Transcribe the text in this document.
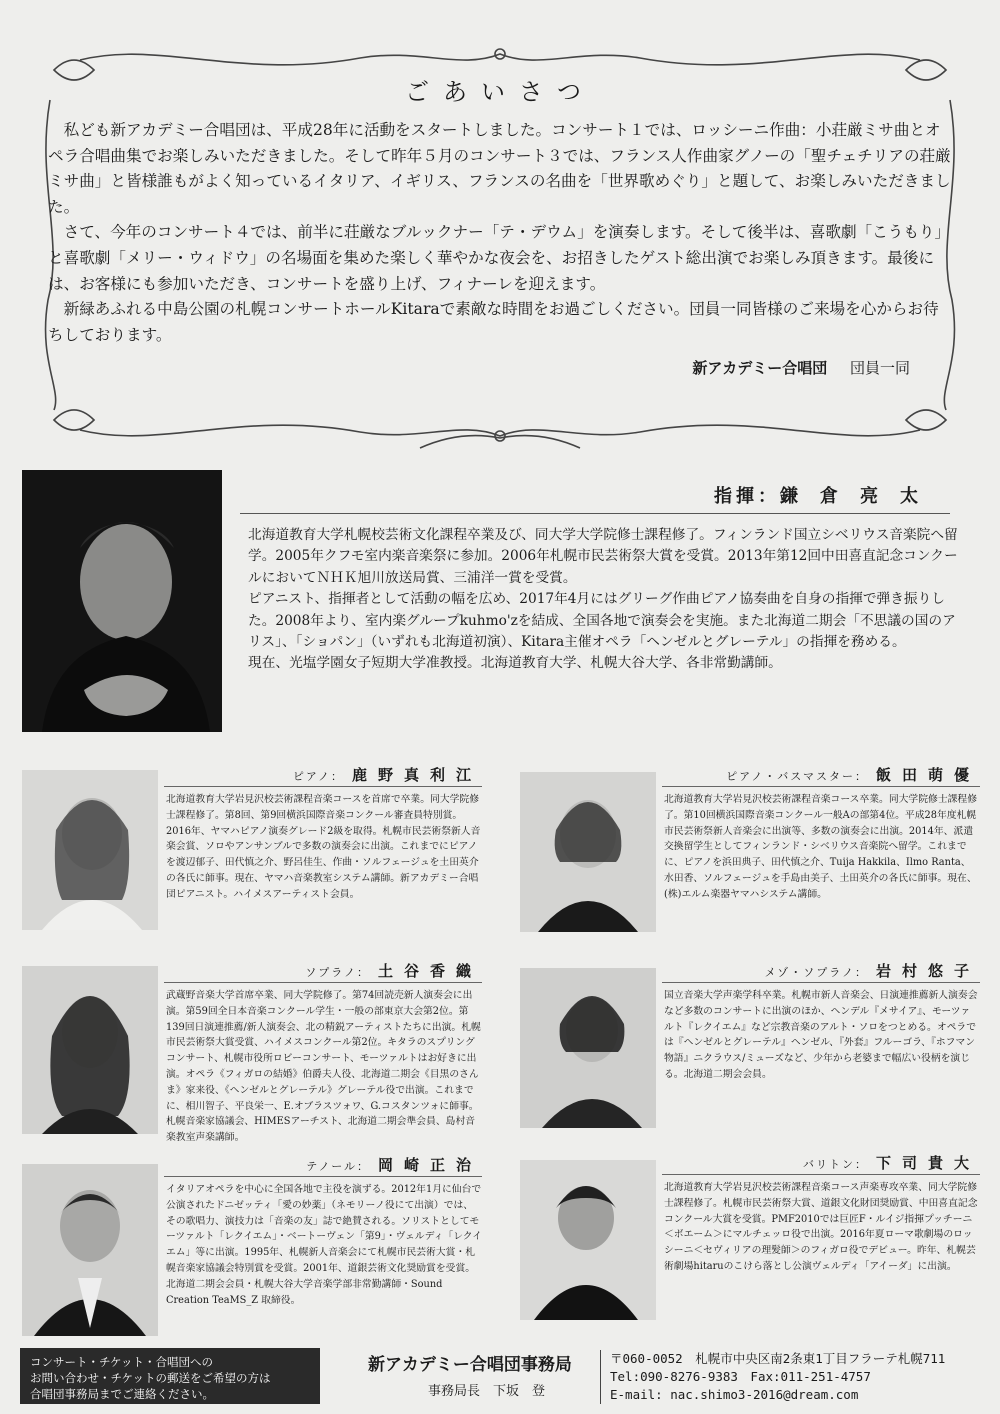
ごあいさつ

私ども新アカデミー合唱団は、平成28年に活動をスタートしました。コンサート１では、ロッシーニ作曲：小荘厳ミサ曲とオペラ合唱曲集でお楽しみいただきました。そして昨年５月のコンサート３では、フランス人作曲家グノーの「聖チェチリアの荘厳ミサ曲」と皆様誰もがよく知っているイタリア、イギリス、フランスの名曲を「世界歌めぐり」と題して、お楽しみいただきました。

さて、今年のコンサート４では、前半に荘厳なブルックナー「テ・デウム」を演奏します。そして後半は、喜歌劇「こうもり」と喜歌劇「メリー・ウィドウ」の名場面を集めた楽しく華やかな夜会を、お招きしたゲスト総出演でお楽しみ頂きます。最後には、お客様にも参加いただき、コンサートを盛り上げ、フィナーレを迎えます。

新緑あふれる中島公園の札幌コンサートホールKitaraで素敵な時間をお過ごしください。団員一同皆様のご来場を心からお待ちしております。

新アカデミー合唱団 団員一同
指揮：鎌倉亮太

北海道教育大学札幌校芸術文化課程卒業及び、同大学大学院修士課程修了。フィンランド国立シベリウス音楽院へ留学。2005年クフモ室内楽音楽祭に参加。2006年札幌市民芸術祭大賞を受賞。2013年第12回中田喜直記念コンクールにおいてＮＨＫ旭川放送局賞、三浦洋一賞を受賞。

ピアニスト、指揮者として活動の幅を広め、2017年4月にはグリーグ作曲ピアノ協奏曲を自身の指揮で弾き振りした。2008年より、室内楽グループkuhmo'zを結成、全国各地で演奏会を実施。また北海道二期会「不思議の国のアリス」、「ショパン」（いずれも北海道初演）、Kitara主催オペラ「ヘンゼルとグレーテル」の指揮を務める。

現在、光塩学園女子短期大学准教授。北海道教育大学、札幌大谷大学、各非常勤講師。

ピアノ： 鹿野真利江
北海道教育大学岩見沢校芸術課程音楽コースを首席で卒業。同大学院修士課程修了。第8回、第9回横浜国際音楽コンクール審査員特別賞。2016年、ヤマハピアノ演奏グレード2級を取得。札幌市民芸術祭新人音楽会賞、ソロやアンサンブルで多数の演奏会に出演。これまでにピアノを渡辺郁子、田代慎之介、野呂佳生、作曲・ソルフェージュを土田英介の各氏に師事。現在、ヤマハ音楽教室システム講師。新アカデミー合唱団ピアニスト。ハイメスアーティスト会員。
ピアノ・バスマスター： 飯田萌優
北海道教育大学岩見沢校芸術課程音楽コース卒業。同大学院修士課程修了。第10回横浜国際音楽コンクール一般Aの部第4位。平成28年度札幌市民芸術祭新人音楽会に出演等、多数の演奏会に出演。2014年、派遣交換留学生としてフィンランド・シベリウス音楽院へ留学。これまでに、ピアノを浜田典子、田代慎之介、Tuija Hakkila、Ilmo Ranta、水田香、ソルフェージュを手島由美子、土田英介の各氏に師事。現在、(株)エルム楽器ヤマハシステム講師。
ソプラノ： 土谷香織
武蔵野音楽大学首席卒業、同大学院修了。第74回読売新人演奏会に出演。第59回全日本音楽コンクール学生・一般の部東京大会第2位。第139回日演連推薦/新人演奏会、北の精鋭アーティストたちに出演。札幌市民芸術祭大賞受賞、ハイメスコンクール第2位。キタラのスプリングコンサート、札幌市役所ロビーコンサート、モーツァルトはお好きに出演。オペラ《フィガロの結婚》伯爵夫人役、北海道二期会《目黒のさんま》家来役、《ヘンゼルとグレーテル》グレーテル役で出演。これまでに、相川智子、平良栄一、E.オブラスツォワ、G.コスタンツォに師事。札幌音楽家協議会、HIMESアーチスト、北海道二期会準会員、島村音楽教室声楽講師。
メゾ・ソプラノ： 岩村悠子
国立音楽大学声楽学科卒業。札幌市新人音楽会、日演連推薦新人演奏会など多数のコンサートに出演のほか、ヘンデル『メサイア』、モーツァルト『レクイエム』など宗教音楽のアルト・ソロをつとめる。オペラでは『ヘンゼルとグレーテル』ヘンゼル、『外套』フルーゴラ、『ホフマン物語』ニクラウス/ミューズなど、少年から老婆まで幅広い役柄を演じる。北海道二期会会員。
テノール： 岡崎正治
イタリアオペラを中心に全国各地で主役を演ずる。2012年1月に仙台で公演されたドニゼッティ「愛の妙薬」（ネモリーノ役にて出演）では、その歌唱力、演技力は「音楽の友」誌で絶賛される。ソリストとしてモーツァルト「レクイエム」・ベートーヴェン「第9」・ヴェルディ「レクイエム」等に出演。1995年、札幌新人音楽会にて札幌市民芸術大賞・札幌音楽家協議会特別賞を受賞。2001年、道銀芸術文化奨励賞を受賞。北海道二期会会員・札幌大谷大学音楽学部非常勤講師・Sound Creation TeaMS_Z 取締役。
バリトン： 下司貴大
北海道教育大学岩見沢校芸術課程音楽コース声楽専攻卒業、同大学院修士課程修了。札幌市民芸術祭大賞、道銀文化財団奨励賞、中田喜直記念コンクール大賞を受賞。PMF2010では巨匠F・ルイジ指揮プッチーニ＜ボエーム＞にマルチェッロ役で出演。2016年夏ローマ歌劇場のロッシーニ＜セヴィリアの理髪師＞のフィガロ役でデビュー。昨年、札幌芸術劇場hitaruのこけら落とし公演ヴェルディ「アイーダ」に出演。
コンサート・チケット・合唱団への
お問い合わせ・チケットの郵送をご希望の方は
合唱団事務局までご連絡ください。
新アカデミー合唱団事務局
事務局長　下坂　登
〒060-0052　札幌市中央区南2条東1丁目フラーテ札幌711
Tel:090-8276-9383　Fax:011-251-4757
E-mail: nac.shimo3-2016@dream.com
